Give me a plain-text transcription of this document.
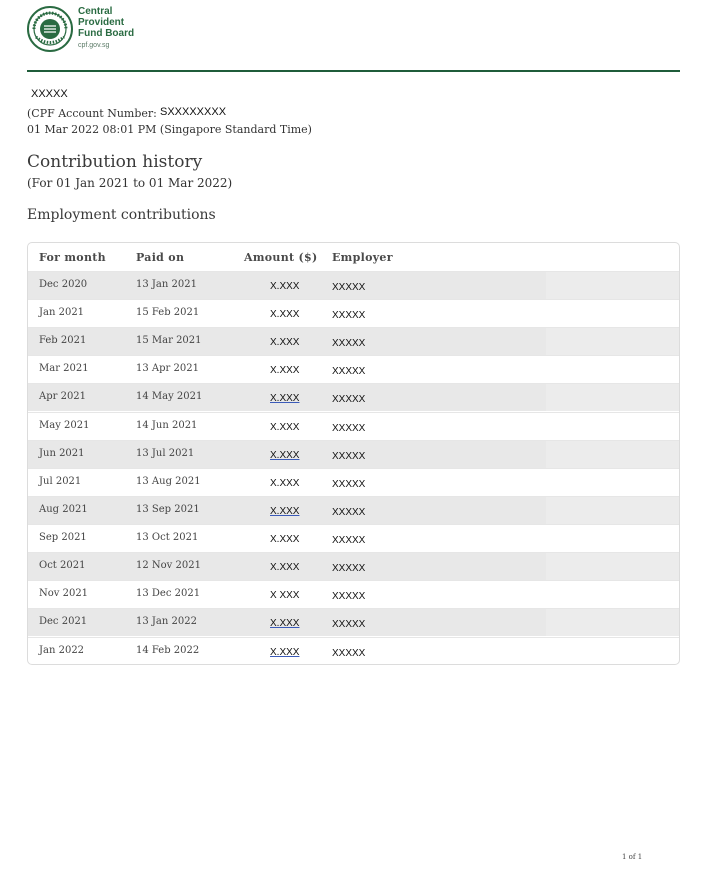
Central
Provident
Fund Board
cpf.gov.sg
XXXXX
(CPF Account Number: SXXXXXXXX
01 Mar 2022 08:01 PM (Singapore Standard Time)
Contribution history
(For 01 Jan 2021 to 01 Mar 2022)
Employment contributions
For month	Paid on	Amount ($) Employer
Dec 2020	13 Jan 2021	X.XXX	XXXXX
Jan 2021	15 Feb 2021	X.XXX	XXXXX
Feb 2021	15 Mar 2021	X.XXX	XXXXX
Mar 2021	13 Apr 2021	X.XXX	XXXXX
Apr 2021	14 May 2021	X.XXX	XXXXX
May 2021	14 Jun 2021	X.XXX	XXXXX
Jun 2021	13 Jul 2021	X.XXX	XXXXX
Jul 2021	13 Aug 2021	X.XXX	XXXXX
Aug 2021	13 Sep 2021	X.XXX	XXXXX
Sep 2021	13 Oct 2021	X.XXX	XXXXX
Oct 2021	12 Nov 2021	X.XXX	XXXXX
Nov 2021	13 Dec 2021	X XXX	XXXXX
Dec 2021	13 Jan 2022	X.XXX	XXXXX
Jan 2022	14 Feb 2022	X.XXX	XXXXX
1 of 1
